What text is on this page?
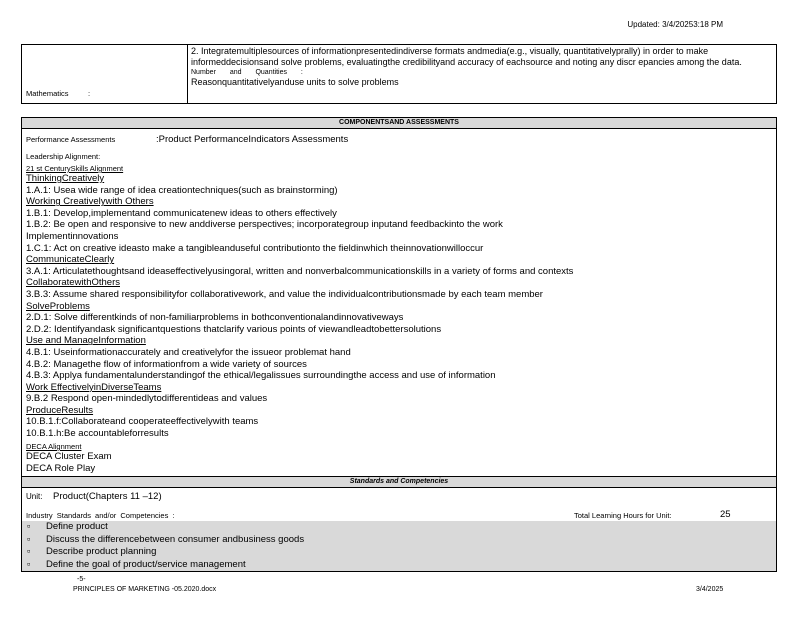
Updated: 3/4/20253:18 PM
Mathematics	:
2. Integratemultiplesources of informationpresentedindiverse formats andmedia(e.g., visually, quantitativelyprally) in order to make informeddecisionsand solve problems, evaluatingthe credibilityand accuracy of eachsource and noting any discr epancies among the data.
Number and Quantities :
Reasonquantitativelyanduse units to solve problems
COMPONENTSAND ASSESSMENTS
Performance Assessments	:Product PerformanceIndicators Assessments
Leadership Alignment:
21 st CenturySkills Alignment
ThinkingCreatively
1.A.1: Usea wide range of idea creationtechniques(such as brainstorming)
Working Creativelywith Others
1.B.1: Develop,implementand communicatenew ideas to others effectively
1.B.2: Be open and responsive to new anddiverse perspectives; incorporategroup inputand feedbackinto the work
Implementinnovations
1.C.1: Act on creative ideasto make a tangibleanduseful contributionto the fieldinwhich theinnovationwilloccur
CommunicateClearly
3.A.1: Articulatethoughtsand ideaseffectivelyusingoral, written and nonverbalcommunicationskills in a variety of forms and contexts
CollaboratewithOthers
3.B.3: Assume shared responsibilityfor collaborativework, and value the individualcontributionsmade by each team member
SolveProblems
2.D.1: Solve differentkinds of non-familiarproblems in bothconventionalandinnovativeways
2.D.2: Identifyandask significantquestions thatclarify various points of viewandleadtobettersolutions
Use and ManageInformation
4.B.1: Useinformationaccurately and creativelyfor the issueor problemat hand
4.B.2: Managethe flow of informationfrom a wide variety of sources
4.B.3: Applya fundamentalunderstandingof the ethical/legalissues surroundingthe access and use of information
Work EffectivelyinDiverseTeams
9.B.2 Respond open-mindedlytodifferentideas and values
ProduceResults
10.B.1.f:Collaborateand cooperateeffectivelywith teams
10.B.1.h:Be accountableforresults
DECA Alignment
DECA Cluster Exam
DECA Role Play
Standards and Competencies
Unit: Product(Chapters 11 –12)
Industry Standards and/or Competencies :	Total Learning Hours for Unit:	25
▫ Define product
▫ Discuss the differencebetween consumer andbusiness goods
▫ Describe product planning
▫ Define the goal of product/service management
-5-
PRINCIPLES OF MARKETING -05.2020.docx	3/4/2025
